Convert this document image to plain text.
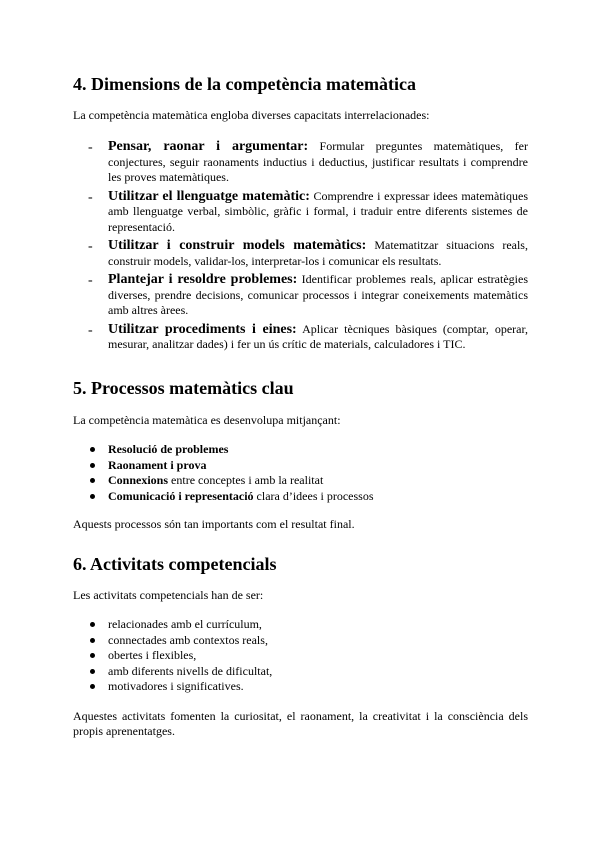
4. Dimensions de la competència matemàtica

La competència matemàtica engloba diverses capacitats interrelacionades:

- Pensar, raonar i argumentar: Formular preguntes matemàtiques, fer conjectures, seguir raonaments inductius i deductius, justificar resultats i comprendre les proves matemàtiques.
- Utilitzar el llenguatge matemàtic: Comprendre i expressar idees matemàtiques amb llenguatge verbal, simbòlic, gràfic i formal, i traduir entre diferents sistemes de representació.
- Utilitzar i construir models matemàtics: Matematitzar situacions reals, construir models, validar-los, interpretar-los i comunicar els resultats.
- Plantejar i resoldre problemes: Identificar problemes reals, aplicar estratègies diverses, prendre decisions, comunicar processos i integrar coneixements matemàtics amb altres àrees.
- Utilitzar procediments i eines: Aplicar tècniques bàsiques (comptar, operar, mesurar, analitzar dades) i fer un ús crític de materials, calculadores i TIC.
5. Processos matemàtics clau

La competència matemàtica es desenvolupa mitjançant:

Resolució de problemes
Raonament i prova
Connexions entre conceptes i amb la realitat
Comunicació i representació clara d’idees i processos

Aquests processos són tan importants com el resultat final.

6. Activitats competencials

Les activitats competencials han de ser:

relacionades amb el currículum,
connectades amb contextos reals,
obertes i flexibles,
amb diferents nivells de dificultat,
motivadores i significatives.

Aquestes activitats fomenten la curiositat, el raonament, la creativitat i la consciència dels propis aprenentatges.
